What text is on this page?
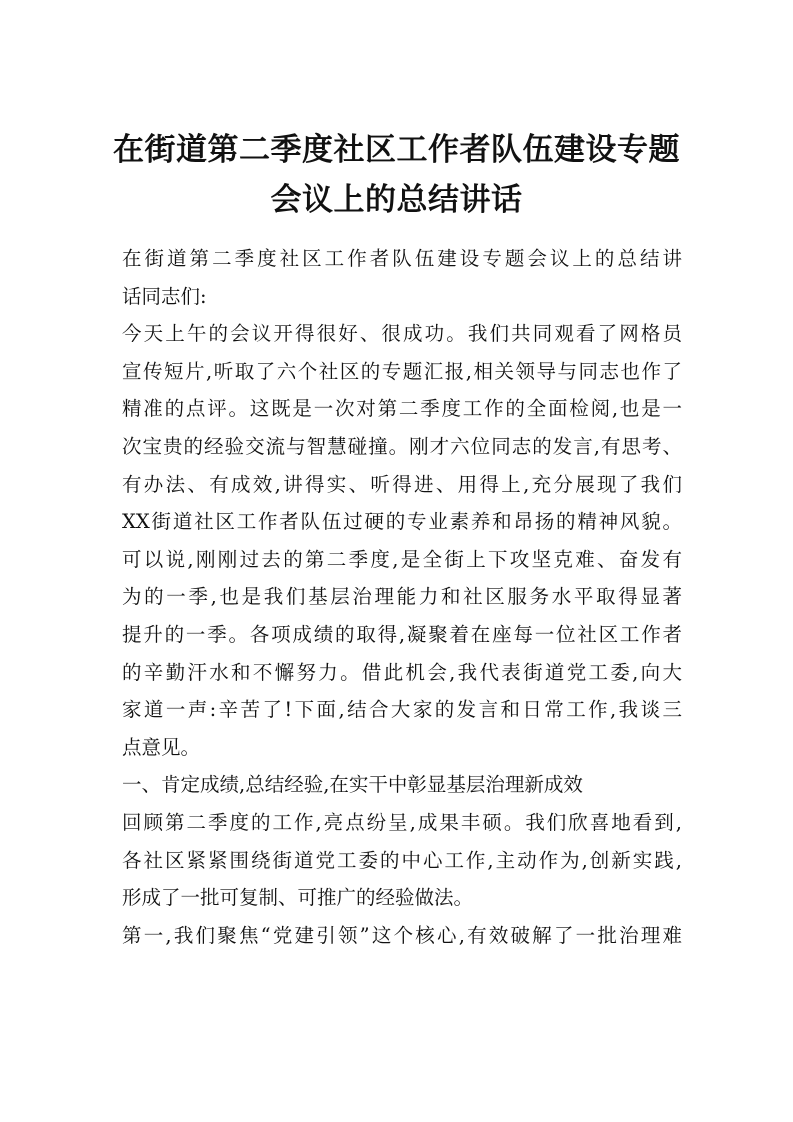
在街道第二季度社区工作者队伍建设专题
会议上的总结讲话
在街道第二季度社区工作者队伍建设专题会议上的总结讲
话同志们:
今天上午的会议开得很好、很成功。我们共同观看了网格员
宣传短片,听取了六个社区的专题汇报,相关领导与同志也作了
精准的点评。这既是一次对第二季度工作的全面检阅,也是一
次宝贵的经验交流与智慧碰撞。刚才六位同志的发言,有思考、
有办法、有成效,讲得实、听得进、用得上,充分展现了我们
XX街道社区工作者队伍过硬的专业素养和昂扬的精神风貌。
可以说,刚刚过去的第二季度,是全街上下攻坚克难、奋发有
为的一季,也是我们基层治理能力和社区服务水平取得显著
提升的一季。各项成绩的取得,凝聚着在座每一位社区工作者
的辛勤汗水和不懈努力。借此机会,我代表街道党工委,向大
家道一声:辛苦了!下面,结合大家的发言和日常工作,我谈三
点意见。
一、肯定成绩,总结经验,在实干中彰显基层治理新成效
回顾第二季度的工作,亮点纷呈,成果丰硕。我们欣喜地看到,
各社区紧紧围绕街道党工委的中心工作,主动作为,创新实践,
形成了一批可复制、可推广的经验做法。
第一,我们聚焦“党建引领”这个核心,有效破解了一批治理难
